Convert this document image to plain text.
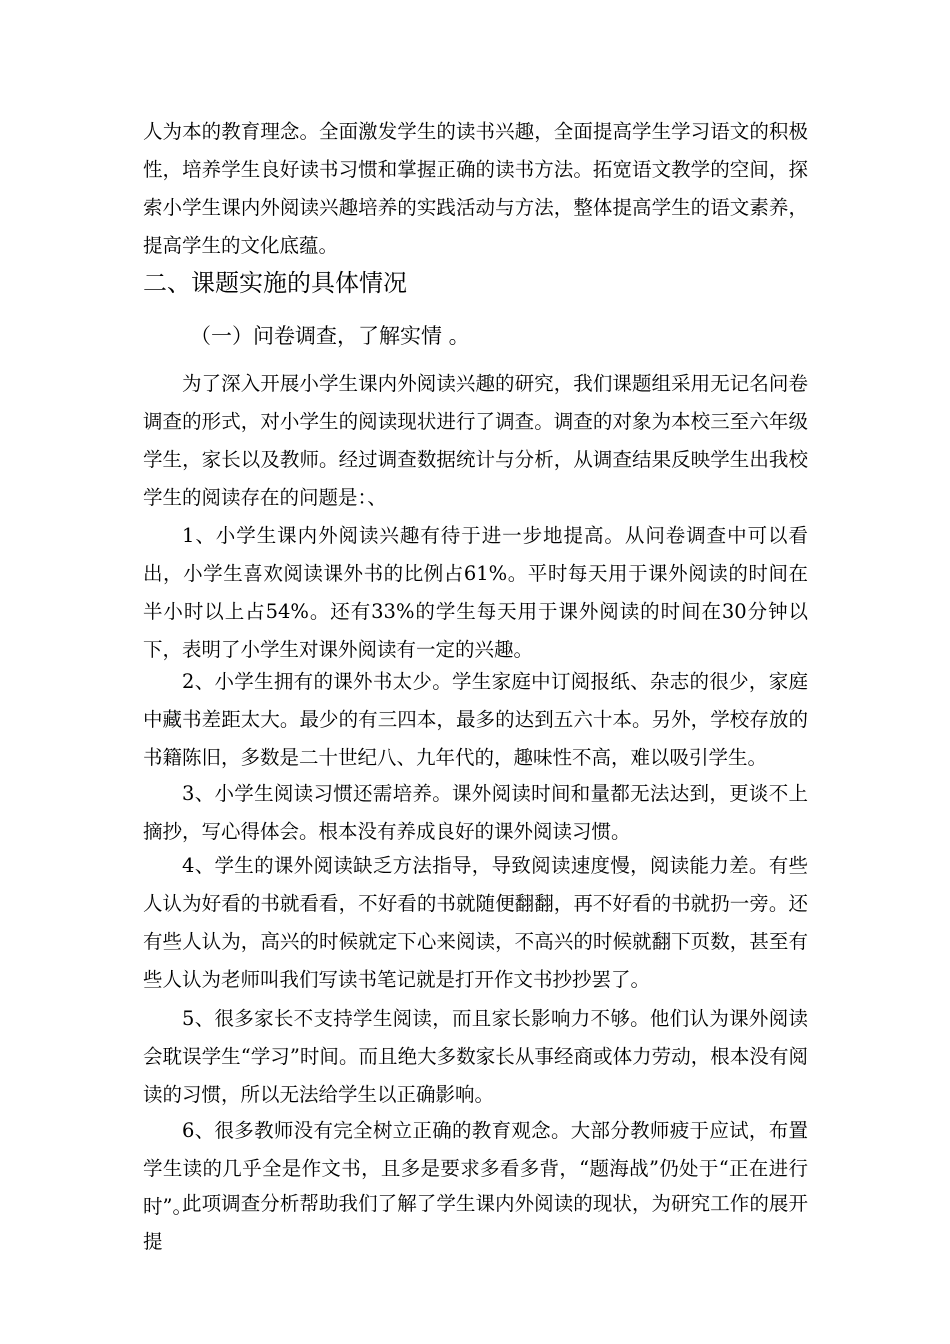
人为本的教育理念。全面激发学生的读书兴趣，全面提高学生学习语文的积极性，培养学生良好读书习惯和掌握正确的读书方法。拓宽语文教学的空间，探索小学生课内外阅读兴趣培养的实践活动与方法，整体提高学生的语文素养，提高学生的文化底蕴。

二、课题实施的具体情况
（一）问卷调查，了解实情 。

为了深入开展小学生课内外阅读兴趣的研究，我们课题组采用无记名问卷调查的形式，对小学生的阅读现状进行了调查。调查的对象为本校三至六年级学生，家长以及教师。经过调查数据统计与分析，从调查结果反映学生出我校学生的阅读存在的问题是：、

1、小学生课内外阅读兴趣有待于进一步地提高。从问卷调查中可以看出，小学生喜欢阅读课外书的比例占61%。平时每天用于课外阅读的时间在半小时以上占54%。还有33%的学生每天用于课外阅读的时间在30分钟以下，表明了小学生对课外阅读有一定的兴趣。

2、小学生拥有的课外书太少。学生家庭中订阅报纸、杂志的很少，家庭中藏书差距太大。最少的有三四本，最多的达到五六十本。另外，学校存放的书籍陈旧，多数是二十世纪八、九年代的，趣味性不高，难以吸引学生。

3、小学生阅读习惯还需培养。课外阅读时间和量都无法达到，更谈不上摘抄，写心得体会。根本没有养成良好的课外阅读习惯。

4、学生的课外阅读缺乏方法指导，导致阅读速度慢，阅读能力差。有些人认为好看的书就看看，不好看的书就随便翻翻，再不好看的书就扔一旁。还有些人认为，高兴的时候就定下心来阅读，不高兴的时候就翻下页数，甚至有些人认为老师叫我们写读书笔记就是打开作文书抄抄罢了。

5、很多家长不支持学生阅读，而且家长影响力不够。他们认为课外阅读会耽误学生“学习”时间。而且绝大多数家长从事经商或体力劳动，根本没有阅读的习惯，所以无法给学生以正确影响。

6、很多教师没有完全树立正确的教育观念。大部分教师疲于应试，布置学生读的几乎全是作文书，且多是要求多看多背，“题海战”仍处于“正在进行时”。

此项调查分析帮助我们了解了学生课内外阅读的现状，为研究工作的展开提
